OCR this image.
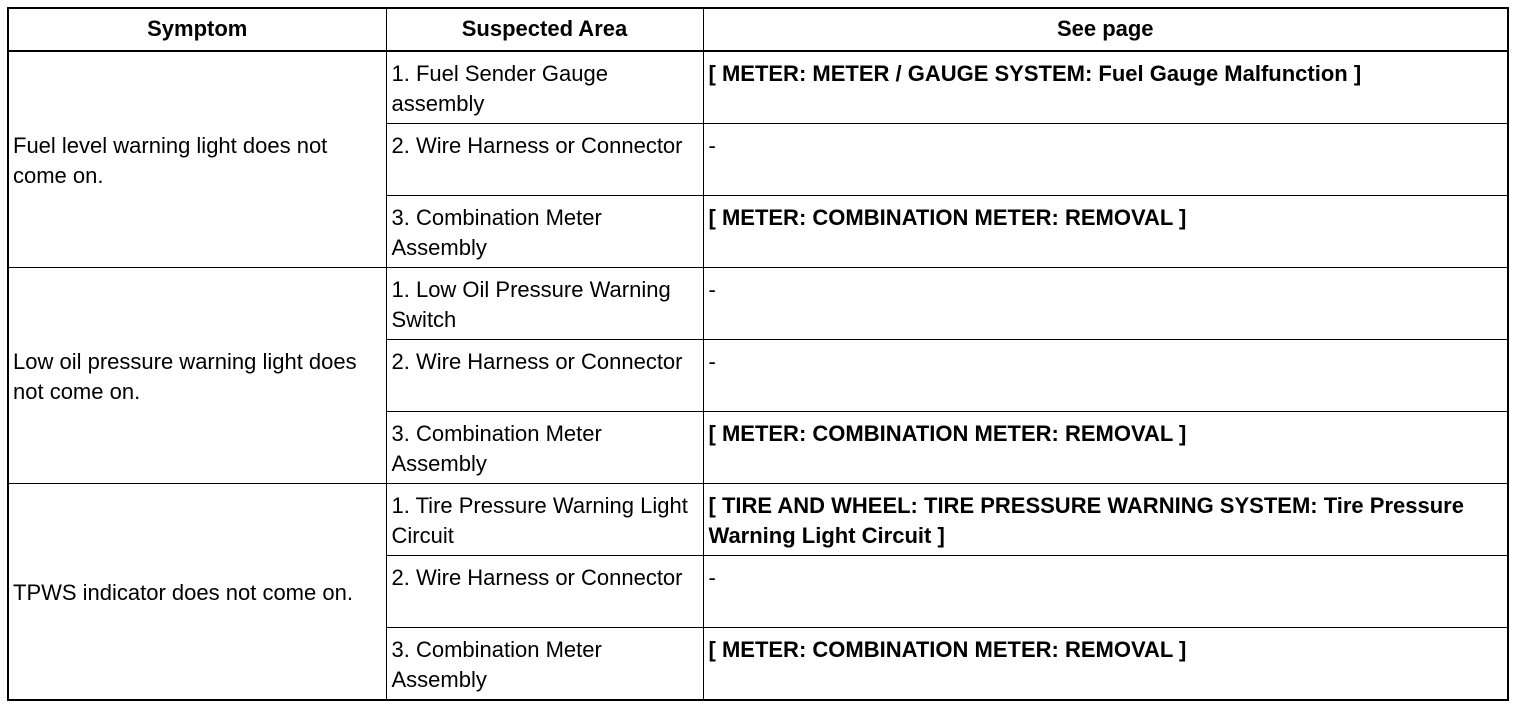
Symptom	Suspected Area	See page
Fuel level warning light does not come on.	1. Fuel Sender Gauge assembly	[ METER: METER / GAUGE SYSTEM: Fuel Gauge Malfunction ]
	2. Wire Harness or Connector	-
	3. Combination Meter Assembly	[ METER: COMBINATION METER: REMOVAL ]
Low oil pressure warning light does not come on.	1. Low Oil Pressure Warning Switch	-
	2. Wire Harness or Connector	-
	3. Combination Meter Assembly	[ METER: COMBINATION METER: REMOVAL ]
TPWS indicator does not come on.	1. Tire Pressure Warning Light Circuit	[ TIRE AND WHEEL: TIRE PRESSURE WARNING SYSTEM: Tire Pressure Warning Light Circuit ]
	2. Wire Harness or Connector	-
	3. Combination Meter Assembly	[ METER: COMBINATION METER: REMOVAL ]
